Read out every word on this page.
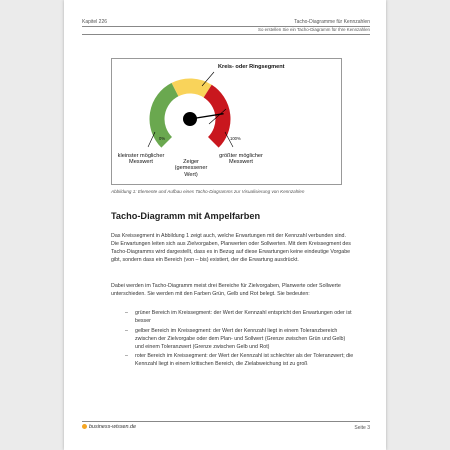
Kapitel 226	Tacho-Diagramme für Kennzahlen
So erstellen Sie ein Tacho-Diagramm für Ihre Kennzahlen
Kreis- oder Ringsegment
0%	100%
kleinster möglicher Messwert	Zeiger (gemessener Wert)
größter möglicher Messwert
Abbildung 1: Elemente und Aufbau eines Tacho-Diagramms zur Visualisierung von Kennzahlen
Tacho-Diagramm mit Ampelfarben
Das Kreissegment in Abbildung 1 zeigt auch, welche Erwartungen mit der Kennzahl verbunden sind. Die Erwartungen leiten sich aus Zielvorgaben, Planwerten oder Sollwerten. Mit dem Kreissegment des Tacho-Diagramms wird dargestellt, dass es in Bezug auf diese Erwartungen keine eindeutige Vorgabe gibt, sondern dass ein Bereich (von – bis) existiert, der die Erwartung ausdrückt.
Dabei werden im Tacho-Diagramm meist drei Bereiche für Zielvorgaben, Planwerte oder Sollwerte unterschieden. Sie werden mit den Farben Grün, Gelb und Rot belegt. Sie bedeuten:
– grüner Bereich im Kreissegment: der Wert der Kennzahl entspricht den Erwartungen oder ist besser
– gelber Bereich im Kreissegment: der Wert der Kennzahl liegt in einem Toleranzbereich zwischen der Zielvorgabe oder dem Plan- und Sollwert (Grenze zwischen Grün und Gelb) und einem Toleranzwert (Grenze zwischen Gelb und Rot)
– roter Bereich im Kreissegment: der Wert der Kennzahl ist schlechter als der Toleranzwert; die Kennzahl liegt in einem kritischen Bereich, die Zielabweichung ist zu groß
business-wissen.de	Seite 3
